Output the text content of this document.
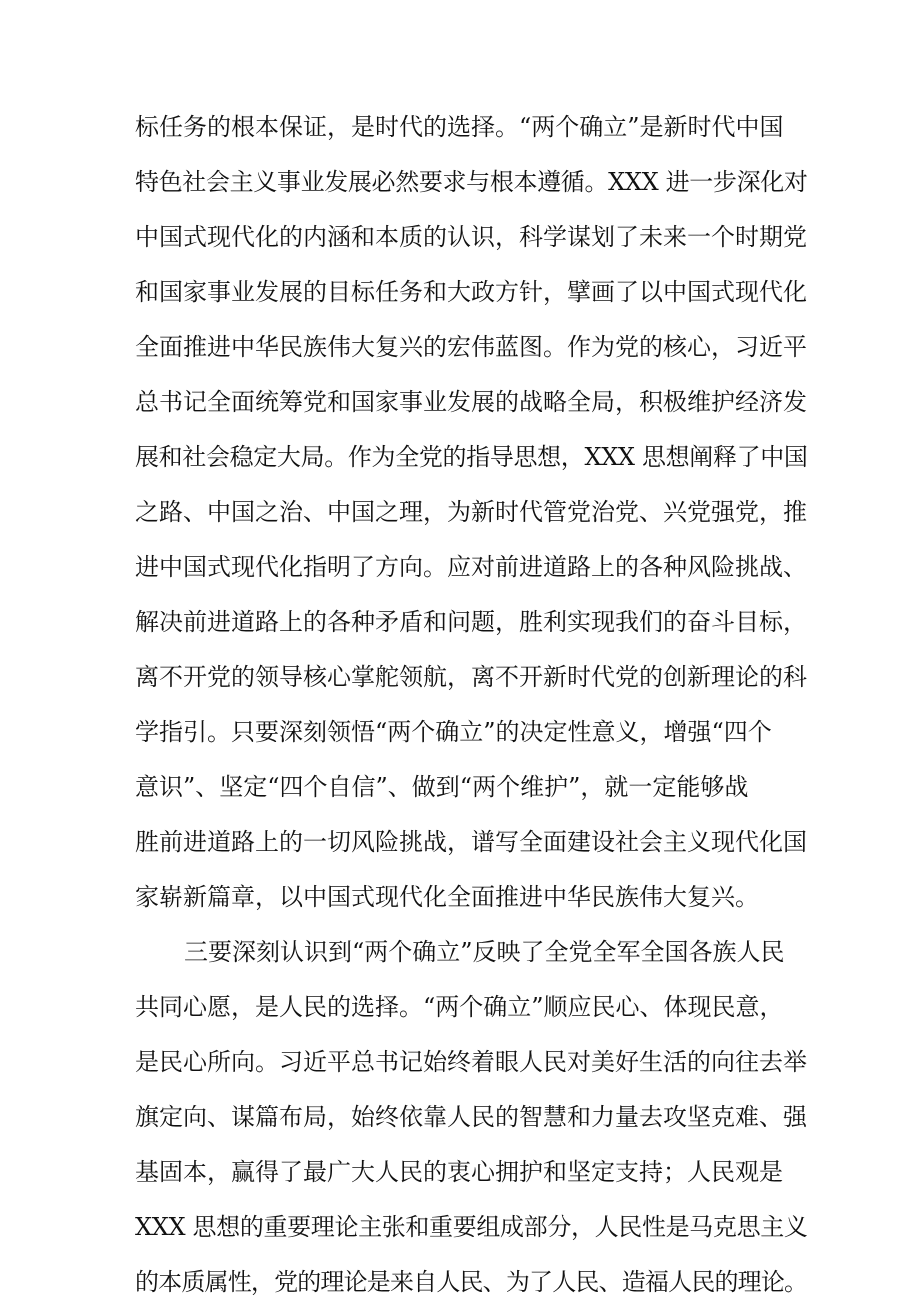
标任务的根本保证，是时代的选择。“两个确立”是新时代中国
特色社会主义事业发展必然要求与根本遵循。XXX 进一步深化对
中国式现代化的内涵和本质的认识，科学谋划了未来一个时期党
和国家事业发展的目标任务和大政方针，擘画了以中国式现代化
全面推进中华民族伟大复兴的宏伟蓝图。作为党的核心，习近平
总书记全面统筹党和国家事业发展的战略全局，积极维护经济发
展和社会稳定大局。作为全党的指导思想，XXX 思想阐释了中国
之路、中国之治、中国之理，为新时代管党治党、兴党强党，推
进中国式现代化指明了方向。应对前进道路上的各种风险挑战、
解决前进道路上的各种矛盾和问题，胜利实现我们的奋斗目标，
离不开党的领导核心掌舵领航，离不开新时代党的创新理论的科
学指引。只要深刻领悟“两个确立”的决定性意义，增强“四个
意识”、坚定“四个自信”、做到“两个维护”，就一定能够战
胜前进道路上的一切风险挑战，谱写全面建设社会主义现代化国
家崭新篇章，以中国式现代化全面推进中华民族伟大复兴。
三要深刻认识到“两个确立”反映了全党全军全国各族人民
共同心愿，是人民的选择。“两个确立”顺应民心、体现民意，
是民心所向。习近平总书记始终着眼人民对美好生活的向往去举
旗定向、谋篇布局，始终依靠人民的智慧和力量去攻坚克难、强
基固本，赢得了最广大人民的衷心拥护和坚定支持；人民观是
XXX 思想的重要理论主张和重要组成部分，人民性是马克思主义
的本质属性，党的理论是来自人民、为了人民、造福人民的理论。
